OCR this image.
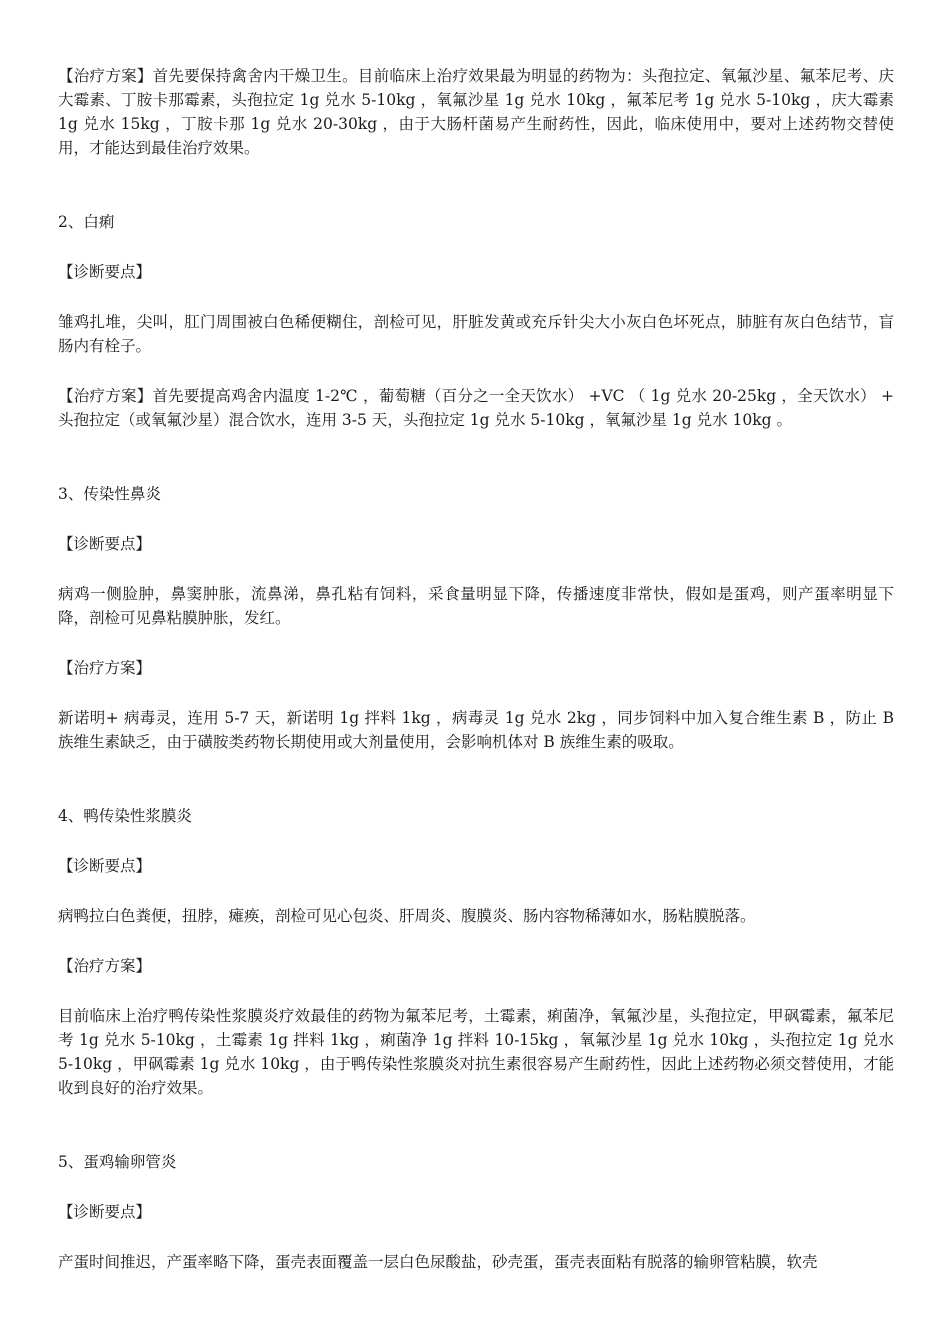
【治疗方案】首先要保持禽舍内干燥卫生。目前临床上治疗效果最为明显的药物为：头孢拉定、氧氟沙星、氟苯尼考、庆大霉素、丁胺卡那霉素，头孢拉定 1g 兑水 5-10kg ，氧氟沙星 1g 兑水 10kg ，氟苯尼考 1g 兑水 5-10kg ，庆大霉素 1g 兑水 15kg ，丁胺卡那 1g 兑水 20-30kg ，由于大肠杆菌易产生耐药性，因此，临床使用中，要对上述药物交替使用，才能达到最佳治疗效果。

2、白痢

【诊断要点】

雏鸡扎堆，尖叫，肛门周围被白色稀便糊住，剖检可见，肝脏发黄或充斥针尖大小灰白色坏死点，肺脏有灰白色结节，盲肠内有栓子。

【治疗方案】首先要提高鸡舍内温度 1-2℃ ，葡萄糖（百分之一全天饮水） +VC （ 1g 兑水 20-25kg ，全天饮水） + 头孢拉定（或氧氟沙星）混合饮水，连用 3-5 天，头孢拉定 1g 兑水 5-10kg ，氧氟沙星 1g 兑水 10kg 。

3、传染性鼻炎

【诊断要点】

病鸡一侧脸肿，鼻窦肿胀，流鼻涕，鼻孔粘有饲料，采食量明显下降，传播速度非常快，假如是蛋鸡，则产蛋率明显下降，剖检可见鼻粘膜肿胀，发红。

【治疗方案】

新诺明+ 病毒灵，连用 5-7 天，新诺明 1g 拌料 1kg ，病毒灵 1g 兑水 2kg ，同步饲料中加入复合维生素 B ，防止 B 族维生素缺乏，由于磺胺类药物长期使用或大剂量使用，会影响机体对 B 族维生素的吸取。

4、鸭传染性浆膜炎

【诊断要点】

病鸭拉白色粪便，扭脖，瘫痪，剖检可见心包炎、肝周炎、腹膜炎、肠内容物稀薄如水，肠粘膜脱落。

【治疗方案】

目前临床上治疗鸭传染性浆膜炎疗效最佳的药物为氟苯尼考，土霉素，痢菌净，氧氟沙星，头孢拉定，甲砜霉素，氟苯尼考 1g 兑水 5-10kg ，土霉素 1g 拌料 1kg ，痢菌净 1g 拌料 10-15kg ，氧氟沙星 1g 兑水 10kg ，头孢拉定 1g 兑水 5-10kg ，甲砜霉素 1g 兑水 10kg ，由于鸭传染性浆膜炎对抗生素很容易产生耐药性，因此上述药物必须交替使用，才能收到良好的治疗效果。

5、蛋鸡输卵管炎

【诊断要点】

产蛋时间推迟，产蛋率略下降，蛋壳表面覆盖一层白色尿酸盐，砂壳蛋，蛋壳表面粘有脱落的输卵管粘膜，软壳
